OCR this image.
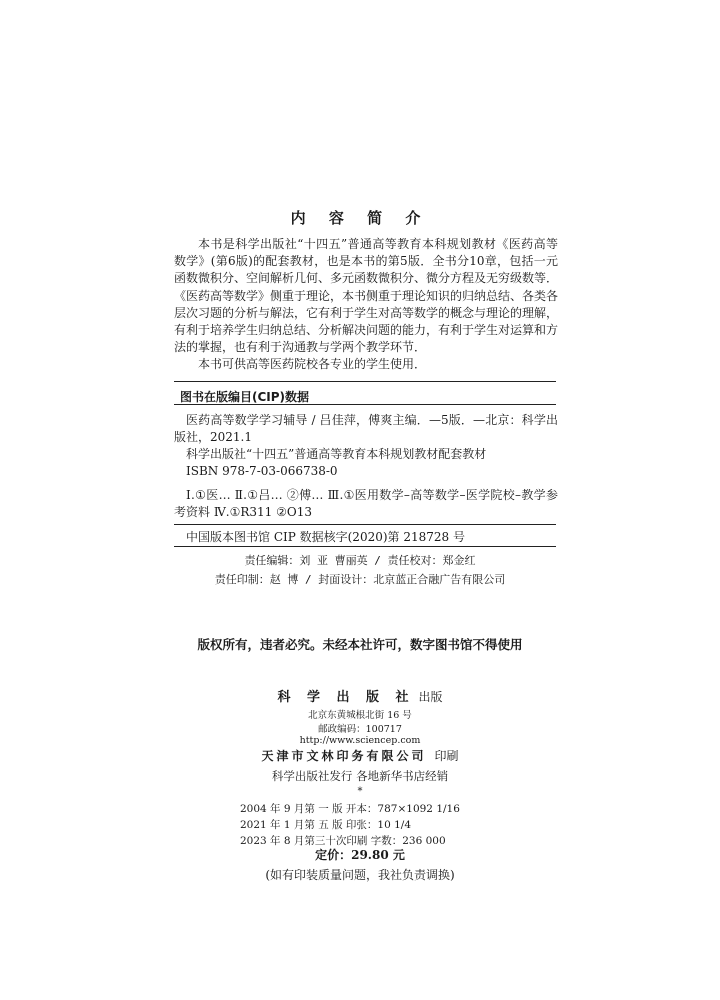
内 容 简 介

本书是科学出版社“十四五”普通高等教育本科规划教材《医药高等数学》(第6版)的配套教材，也是本书的第5版．全书分10章，包括一元函数微积分、空间解析几何、多元函数微积分、微分方程及无穷级数等．《医药高等数学》侧重于理论，本书侧重于理论知识的归纳总结、各类各层次习题的分析与解法，它有利于学生对高等数学的概念与理论的理解，有利于培养学生归纳总结、分析解决问题的能力，有利于学生对运算和方法的掌握，也有利于沟通教与学两个教学环节．

本书可供高等医药院校各专业的学生使用．

图书在版编目(CIP)数据

医药高等数学学习辅导 / 吕佳萍，傅爽主编．—5版．—北京：科学出版社，2021.1

科学出版社“十四五”普通高等教育本科规划教材配套教材

ISBN 978-7-03-066738-0

Ⅰ.①医… Ⅱ.①吕… ②傅… Ⅲ.①医用数学–高等数学–医学院校–教学参考资料 Ⅳ.①R311 ②O13

中国版本图书馆 CIP 数据核字(2020)第 218728 号
责任编辑：刘 亚 曹丽英 / 责任校对：郑金红
责任印制：赵 博 / 封面设计：北京蓝正合融广告有限公司
版权所有，违者必究。未经本社许可，数字图书馆不得使用
科 学 出 版 社 出版
北京东黄城根北街 16 号
邮政编码：100717
http://www.sciencep.com
天津市文林印务有限公司 印刷
科学出版社发行 各地新华书店经销
*
2004 年 9 月第 一 版 开本：787×1092 1/16
2021 年 1 月第 五 版 印张：10 1/4
2023 年 8 月第三十次印刷 字数：236 000
定价：29.80 元
(如有印装质量问题，我社负责调换)
